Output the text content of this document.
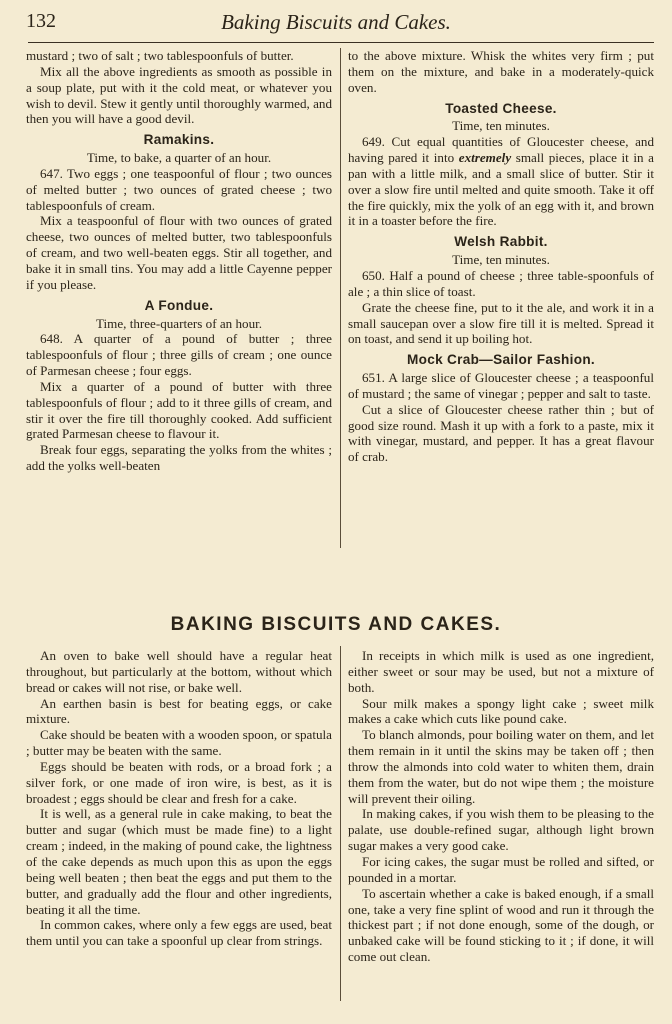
132	Baking Biscuits and Cakes.

mustard ; two of salt ; two tablespoonfuls of butter.

Mix all the above ingredients as smooth as possible in a soup plate, put with it the cold meat, or whatever you wish to devil. Stew it gently until thoroughly warmed, and then you will have a good devil.

Ramakins.

Time, to bake, a quarter of an hour.

647. Two eggs ; one teaspoonful of flour ; two ounces of melted butter ; two ounces of grated cheese ; two tablespoonfuls of cream.

Mix a teaspoonful of flour with two ounces of grated cheese, two ounces of melted butter, two tablespoonfuls of cream, and two well-beaten eggs. Stir all together, and bake it in small tins. You may add a little Cayenne pepper if you please.

A Fondue.

Time, three-quarters of an hour.

648. A quarter of a pound of butter ; three tablespoonfuls of flour ; three gills of cream ; one ounce of Parmesan cheese ; four eggs.

Mix a quarter of a pound of butter with three tablespoonfuls of flour ; add to it three gills of cream, and stir it over the fire till thoroughly cooked. Add sufficient grated Parmesan cheese to flavour it.

Break four eggs, separating the yolks from the whites ; add the yolks well-beaten

to the above mixture. Whisk the whites very firm ; put them on the mixture, and bake in a moderately-quick oven.

Toasted Cheese.

Time, ten minutes.

649. Cut equal quantities of Gloucester cheese, and having pared it into extremely small pieces, place it in a pan with a little milk, and a small slice of butter. Stir it over a slow fire until melted and quite smooth. Take it off the fire quickly, mix the yolk of an egg with it, and brown it in a toaster before the fire.

Welsh Rabbit.

Time, ten minutes.

650. Half a pound of cheese ; three table-spoonfuls of ale ; a thin slice of toast.

Grate the cheese fine, put to it the ale, and work it in a small saucepan over a slow fire till it is melted. Spread it on toast, and send it up boiling hot.

Mock Crab—Sailor Fashion.

651. A large slice of Gloucester cheese ; a teaspoonful of mustard ; the same of vinegar ; pepper and salt to taste.

Cut a slice of Gloucester cheese rather thin ; but of good size round. Mash it up with a fork to a paste, mix it with vinegar, mustard, and pepper. It has a great flavour of crab.

BAKING BISCUITS AND CAKES.

An oven to bake well should have a regular heat throughout, but particularly at the bottom, without which bread or cakes will not rise, or bake well.

An earthen basin is best for beating eggs, or cake mixture.

Cake should be beaten with a wooden spoon, or spatula ; butter may be beaten with the same.

Eggs should be beaten with rods, or a broad fork ; a silver fork, or one made of iron wire, is best, as it is broadest ; eggs should be clear and fresh for a cake.

It is well, as a general rule in cake making, to beat the butter and sugar (which must be made fine) to a light cream ; indeed, in the making of pound cake, the lightness of the cake depends as much upon this as upon the eggs being well beaten ; then beat the eggs and put them to the butter, and gradually add the flour and other ingredients, beating it all the time.

In common cakes, where only a few eggs are used, beat them until you can take a spoonful up clear from strings.

In receipts in which milk is used as one ingredient, either sweet or sour may be used, but not a mixture of both.

Sour milk makes a spongy light cake ; sweet milk makes a cake which cuts like pound cake.

To blanch almonds, pour boiling water on them, and let them remain in it until the skins may be taken off ; then throw the almonds into cold water to whiten them, drain them from the water, but do not wipe them ; the moisture will prevent their oiling.

In making cakes, if you wish them to be pleasing to the palate, use double-refined sugar, although light brown sugar makes a very good cake.

For icing cakes, the sugar must be rolled and sifted, or pounded in a mortar.

To ascertain whether a cake is baked enough, if a small one, take a very fine splint of wood and run it through the thickest part ; if not done enough, some of the dough, or unbaked cake will be found sticking to it ; if done, it will come out clean.
